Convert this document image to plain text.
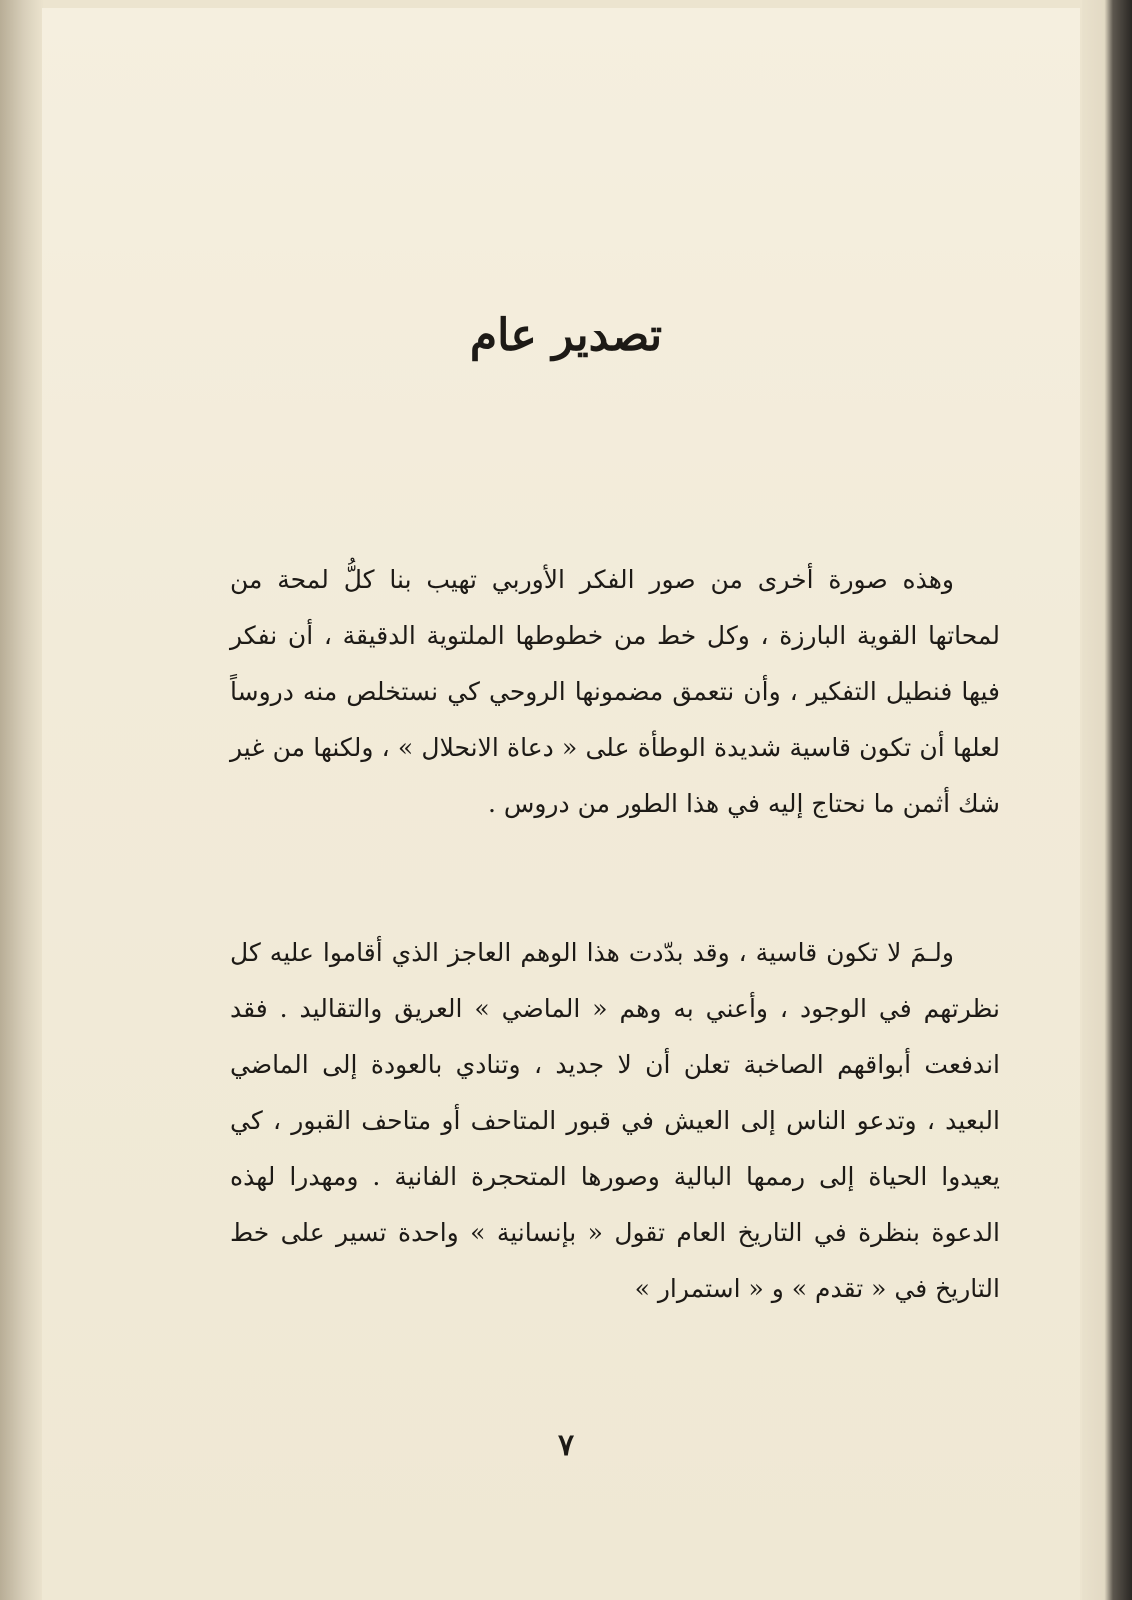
تصدير عام

وهذه صورة أخرى من صور الفكر الأوربي تهيب بنا كلُّ لمحة من لمحاتها القوية البارزة ، وكل خط من خطوطها الملتوية الدقيقة ، أن نفكر فيها فنطيل التفكير ، وأن نتعمق مضمونها الروحي كي نستخلص منه دروساً لعلها أن تكون قاسية شديدة الوطأة على « دعاة الانحلال » ، ولكنها من غير شك أثمن ما نحتاج إليه في هذا الطور من دروس .

ولـمَ لا تكون قاسية ، وقد بدّدت هذا الوهم العاجز الذي أقاموا عليه كل نظرتهم في الوجود ، وأعني به وهم « الماضي » العريق والتقاليد . فقد اندفعت أبواقهم الصاخبة تعلن أن لا جديد ، وتنادي بالعودة إلى الماضي البعيد ، وتدعو الناس إلى العيش في قبور المتاحف أو متاحف القبور ، كي يعيدوا الحياة إلى رممها البالية وصورها المتحجرة الفانية . ومهدرا لهذه الدعوة بنظرة في التاريخ العام تقول « بإنسانية » واحدة تسير على خط التاريخ في « تقدم » و « استمرار »

٧
